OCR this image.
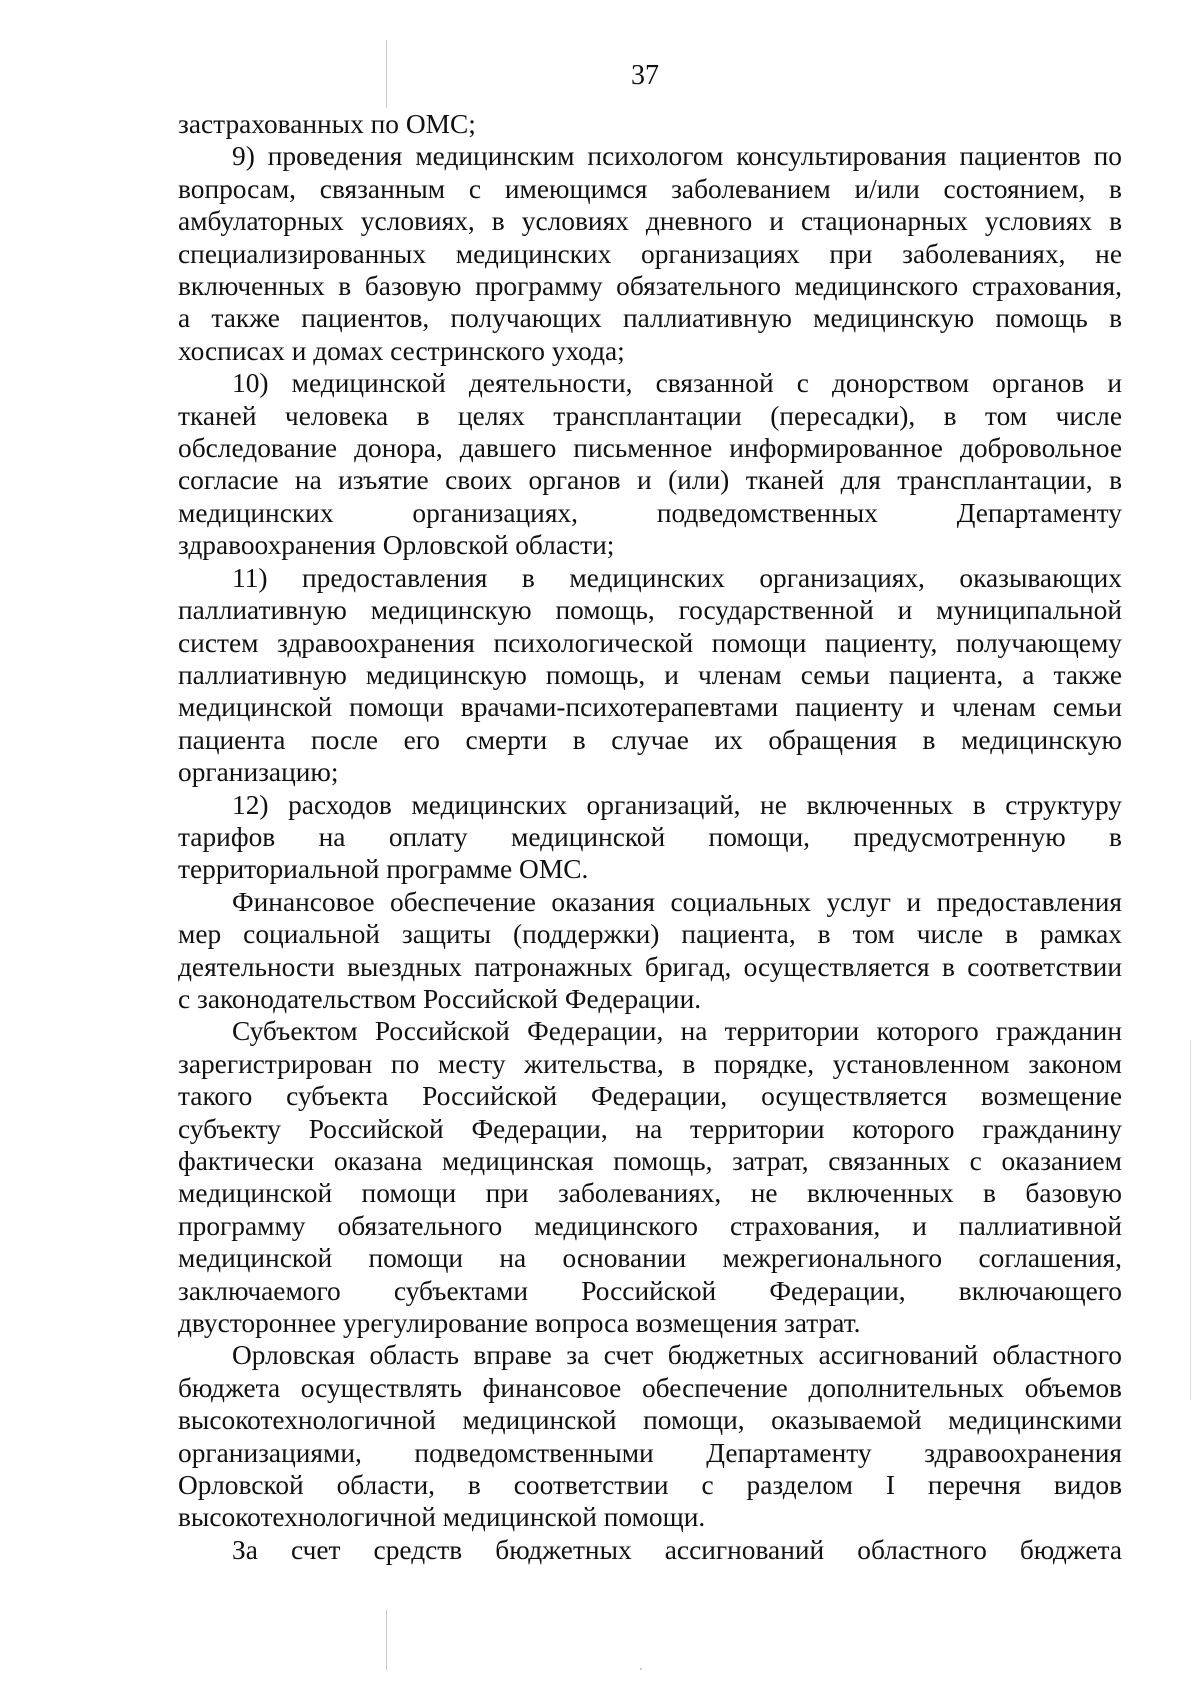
37

застрахованных по ОМС;

9) проведения медицинским психологом консультирования пациентов по
вопросам, связанным с имеющимся заболеванием и/или состоянием, в
амбулаторных условиях, в условиях дневного и стационарных условиях в
специализированных медицинских организациях при заболеваниях, не
включенных в базовую программу обязательного медицинского страхования,
а также пациентов, получающих паллиативную медицинскую помощь в
хосписах и домах сестринского ухода;

10) медицинской деятельности, связанной с донорством органов и
тканей человека в целях трансплантации (пересадки), в том числе
обследование донора, давшего письменное информированное добровольное
согласие на изъятие своих органов и (или) тканей для трансплантации, в
медицинских организациях, подведомственных Департаменту
здравоохранения Орловской области;

11) предоставления в медицинских организациях, оказывающих
паллиативную медицинскую помощь, государственной и муниципальной
систем здравоохранения психологической помощи пациенту, получающему
паллиативную медицинскую помощь, и членам семьи пациента, а также
медицинской помощи врачами-психотерапевтами пациенту и членам семьи
пациента после его смерти в случае их обращения в медицинскую
организацию;

12) расходов медицинских организаций, не включенных в структуру
тарифов на оплату медицинской помощи, предусмотренную в
территориальной программе ОМС.

Финансовое обеспечение оказания социальных услуг и предоставления
мер социальной защиты (поддержки) пациента, в том числе в рамках
деятельности выездных патронажных бригад, осуществляется в соответствии
с законодательством Российской Федерации.

Субъектом Российской Федерации, на территории которого гражданин
зарегистрирован по месту жительства, в порядке, установленном законом
такого субъекта Российской Федерации, осуществляется возмещение
субъекту Российской Федерации, на территории которого гражданину
фактически оказана медицинская помощь, затрат, связанных с оказанием
медицинской помощи при заболеваниях, не включенных в базовую
программу обязательного медицинского страхования, и паллиативной
медицинской помощи на основании межрегионального соглашения,
заключаемого субъектами Российской Федерации, включающего
двустороннее урегулирование вопроса возмещения затрат.

Орловская область вправе за счет бюджетных ассигнований областного
бюджета осуществлять финансовое обеспечение дополнительных объемов
высокотехнологичной медицинской помощи, оказываемой медицинскими
организациями, подведомственными Департаменту здравоохранения
Орловской области, в соответствии с разделом I перечня видов
высокотехнологичной медицинской помощи.

За счет средств бюджетных ассигнований областного бюджета
